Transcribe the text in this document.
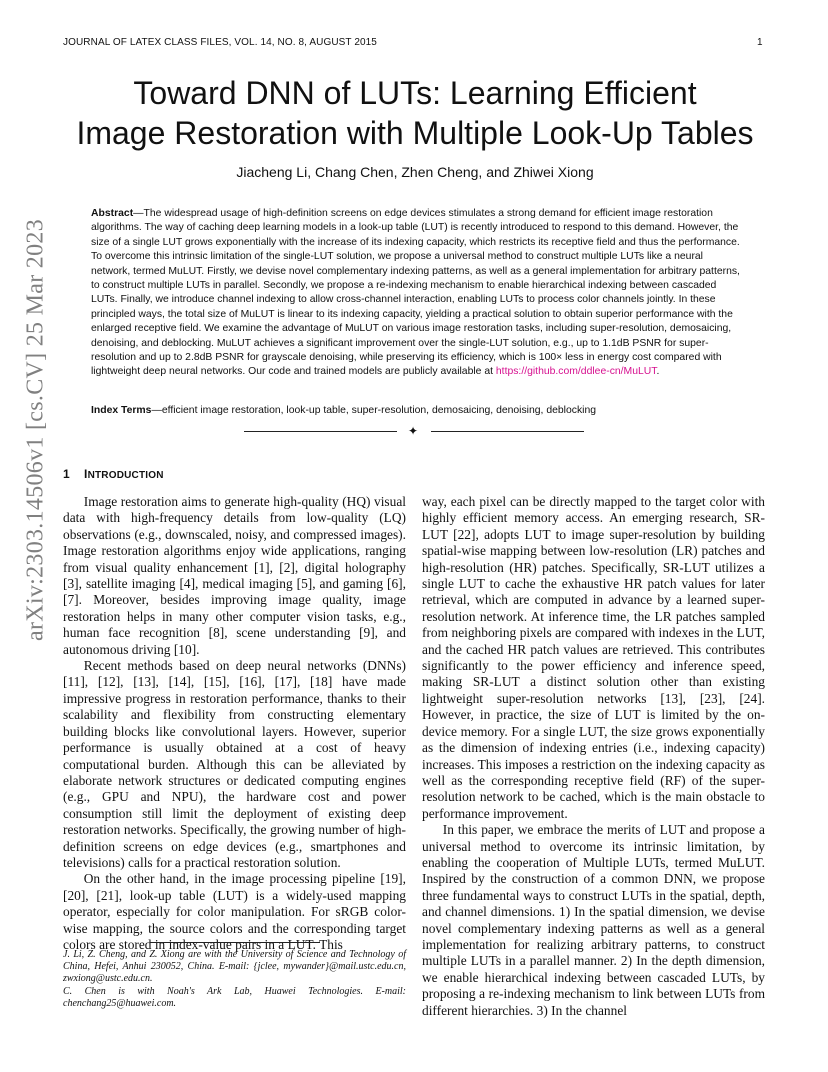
JOURNAL OF LATEX CLASS FILES, VOL. 14, NO. 8, AUGUST 2015	1
arXiv:2303.14506v1 [cs.CV] 25 Mar 2023
Toward DNN of LUTs: Learning Efficient
Image Restoration with Multiple Look-Up Tables
Jiacheng Li, Chang Chen, Zhen Cheng, and Zhiwei Xiong

Abstract—The widespread usage of high-definition screens on edge devices stimulates a strong demand for efficient image restoration algorithms. The way of caching deep learning models in a look-up table (LUT) is recently introduced to respond to this demand. However, the size of a single LUT grows exponentially with the increase of its indexing capacity, which restricts its receptive field and thus the performance. To overcome this intrinsic limitation of the single-LUT solution, we propose a universal method to construct multiple LUTs like a neural network, termed MuLUT. Firstly, we devise novel complementary indexing patterns, as well as a general implementation for arbitrary patterns, to construct multiple LUTs in parallel. Secondly, we propose a re-indexing mechanism to enable hierarchical indexing between cascaded LUTs. Finally, we introduce channel indexing to allow cross-channel interaction, enabling LUTs to process color channels jointly. In these principled ways, the total size of MuLUT is linear to its indexing capacity, yielding a practical solution to obtain superior performance with the enlarged receptive field. We examine the advantage of MuLUT on various image restoration tasks, including super-resolution, demosaicing, denoising, and deblocking. MuLUT achieves a significant improvement over the single-LUT solution, e.g., up to 1.1dB PSNR for super-resolution and up to 2.8dB PSNR for grayscale denoising, while preserving its efficiency, which is 100× less in energy cost compared with lightweight deep neural networks. Our code and trained models are publicly available at https://github.com/ddlee-cn/MuLUT.

Index Terms—efficient image restoration, look-up table, super-resolution, demosaicing, denoising, deblocking
✦
1 INTRODUCTION

Image restoration aims to generate high-quality (HQ) visual data with high-frequency details from low-quality (LQ) observations (e.g., downscaled, noisy, and compressed images). Image restoration algorithms enjoy wide applications, ranging from visual quality enhancement [1], [2], digital holography [3], satellite imaging [4], medical imaging [5], and gaming [6], [7]. Moreover, besides improving image quality, image restoration helps in many other computer vision tasks, e.g., human face recognition [8], scene understanding [9], and autonomous driving [10].

Recent methods based on deep neural networks (DNNs) [11], [12], [13], [14], [15], [16], [17], [18] have made impressive progress in restoration performance, thanks to their scalability and flexibility from constructing elementary building blocks like convolutional layers. However, superior performance is usually obtained at a cost of heavy computational burden. Although this can be alleviated by elaborate network structures or dedicated computing engines (e.g., GPU and NPU), the hardware cost and power consumption still limit the deployment of existing deep restoration networks. Specifically, the growing number of high-definition screens on edge devices (e.g., smartphones and televisions) calls for a practical restoration solution.

On the other hand, in the image processing pipeline [19], [20], [21], look-up table (LUT) is a widely-used mapping operator, especially for color manipulation. For sRGB color-wise mapping, the source colors and the corresponding target colors are stored in index-value pairs in a LUT. This

way, each pixel can be directly mapped to the target color with highly efficient memory access. An emerging research, SR-LUT [22], adopts LUT to image super-resolution by building spatial-wise mapping between low-resolution (LR) patches and high-resolution (HR) patches. Specifically, SR-LUT utilizes a single LUT to cache the exhaustive HR patch values for later retrieval, which are computed in advance by a learned super-resolution network. At inference time, the LR patches sampled from neighboring pixels are compared with indexes in the LUT, and the cached HR patch values are retrieved. This contributes significantly to the power efficiency and inference speed, making SR-LUT a distinct solution other than existing lightweight super-resolution networks [13], [23], [24]. However, in practice, the size of LUT is limited by the on-device memory. For a single LUT, the size grows exponentially as the dimension of indexing entries (i.e., indexing capacity) increases. This imposes a restriction on the indexing capacity as well as the corresponding receptive field (RF) of the super-resolution network to be cached, which is the main obstacle to performance improvement.

In this paper, we embrace the merits of LUT and propose a universal method to overcome its intrinsic limitation, by enabling the cooperation of Multiple LUTs, termed MuLUT. Inspired by the construction of a common DNN, we propose three fundamental ways to construct LUTs in the spatial, depth, and channel dimensions. 1) In the spatial dimension, we devise novel complementary indexing patterns as well as a general implementation for realizing arbitrary patterns, to construct multiple LUTs in a parallel manner. 2) In the depth dimension, we enable hierarchical indexing between cascaded LUTs, by proposing a re-indexing mechanism to link between LUTs from different hierarchies. 3) In the channel

J. Li, Z. Cheng, and Z. Xiong are with the University of Science and Technology of China, Hefei, Anhui 230052, China. E-mail: {jclee, mywander}@mail.ustc.edu.cn, zwxiong@ustc.edu.cn.

C. Chen is with Noah's Ark Lab, Huawei Technologies. E-mail: chenchang25@huawei.com.
